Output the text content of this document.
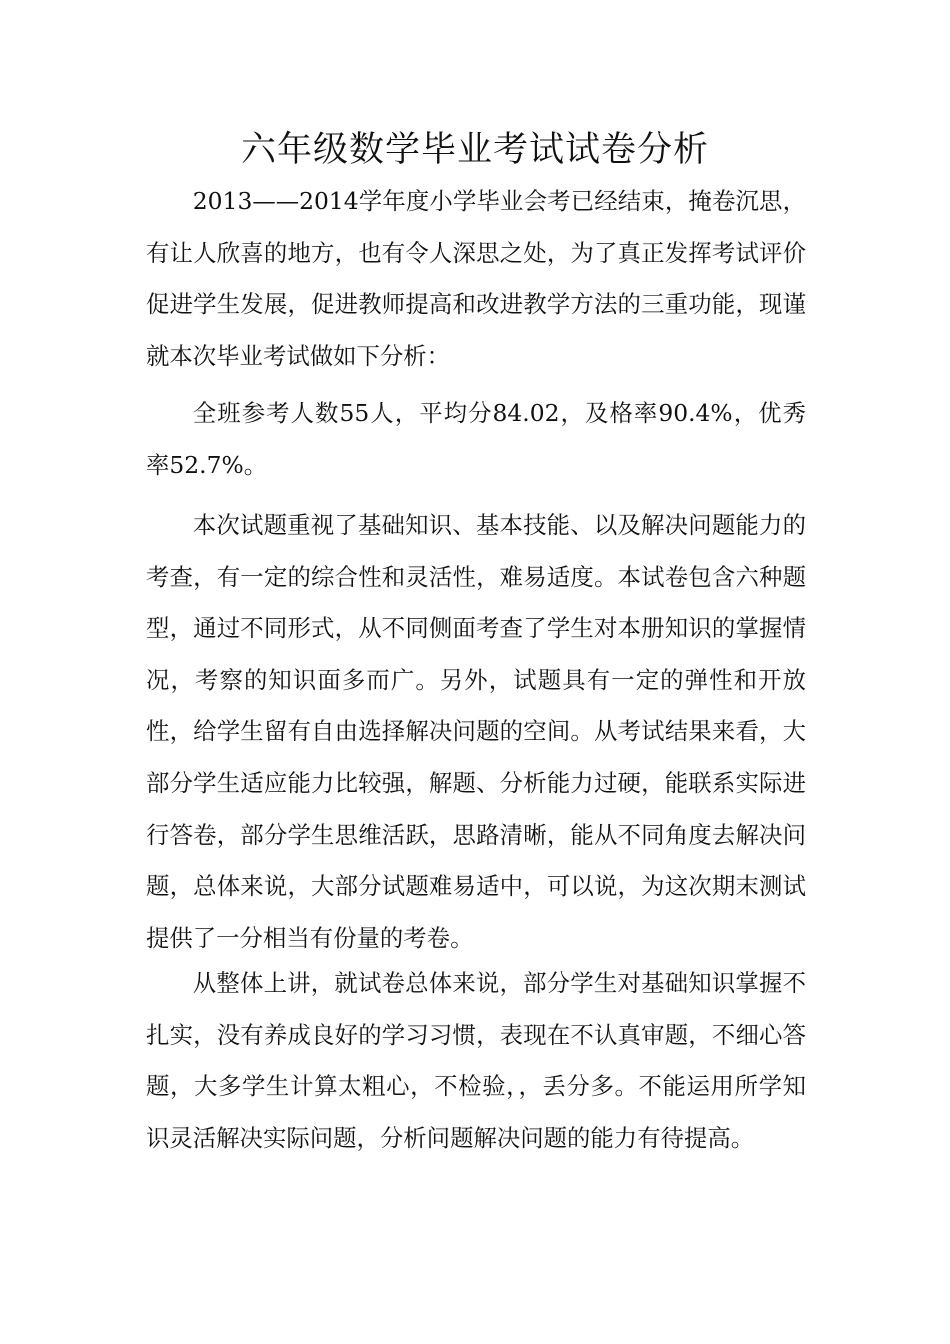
六年级数学毕业考试试卷分析

2013——2014学年度小学毕业会考已经结束，掩卷沉思，有让人欣喜的地方，也有令人深思之处，为了真正发挥考试评价促进学生发展，促进教师提高和改进教学方法的三重功能，现谨就本次毕业考试做如下分析：

全班参考人数55人，平均分84.02，及格率90.4%，优秀率52.7%。

本次试题重视了基础知识、基本技能、以及解决问题能力的考查，有一定的综合性和灵活性，难易适度。本试卷包含六种题型，通过不同形式，从不同侧面考查了学生对本册知识的掌握情况，考察的知识面多而广。另外，试题具有一定的弹性和开放性，给学生留有自由选择解决问题的空间。从考试结果来看，大部分学生适应能力比较强，解题、分析能力过硬，能联系实际进行答卷，部分学生思维活跃，思路清晰，能从不同角度去解决问题，总体来说，大部分试题难易适中，可以说，为这次期末测试提供了一分相当有份量的考卷。

从整体上讲，就试卷总体来说，部分学生对基础知识掌握不扎实，没有养成良好的学习习惯，表现在不认真审题，不细心答题，大多学生计算太粗心，不检验，，丢分多。不能运用所学知识灵活解决实际问题，分析问题解决问题的能力有待提高。
